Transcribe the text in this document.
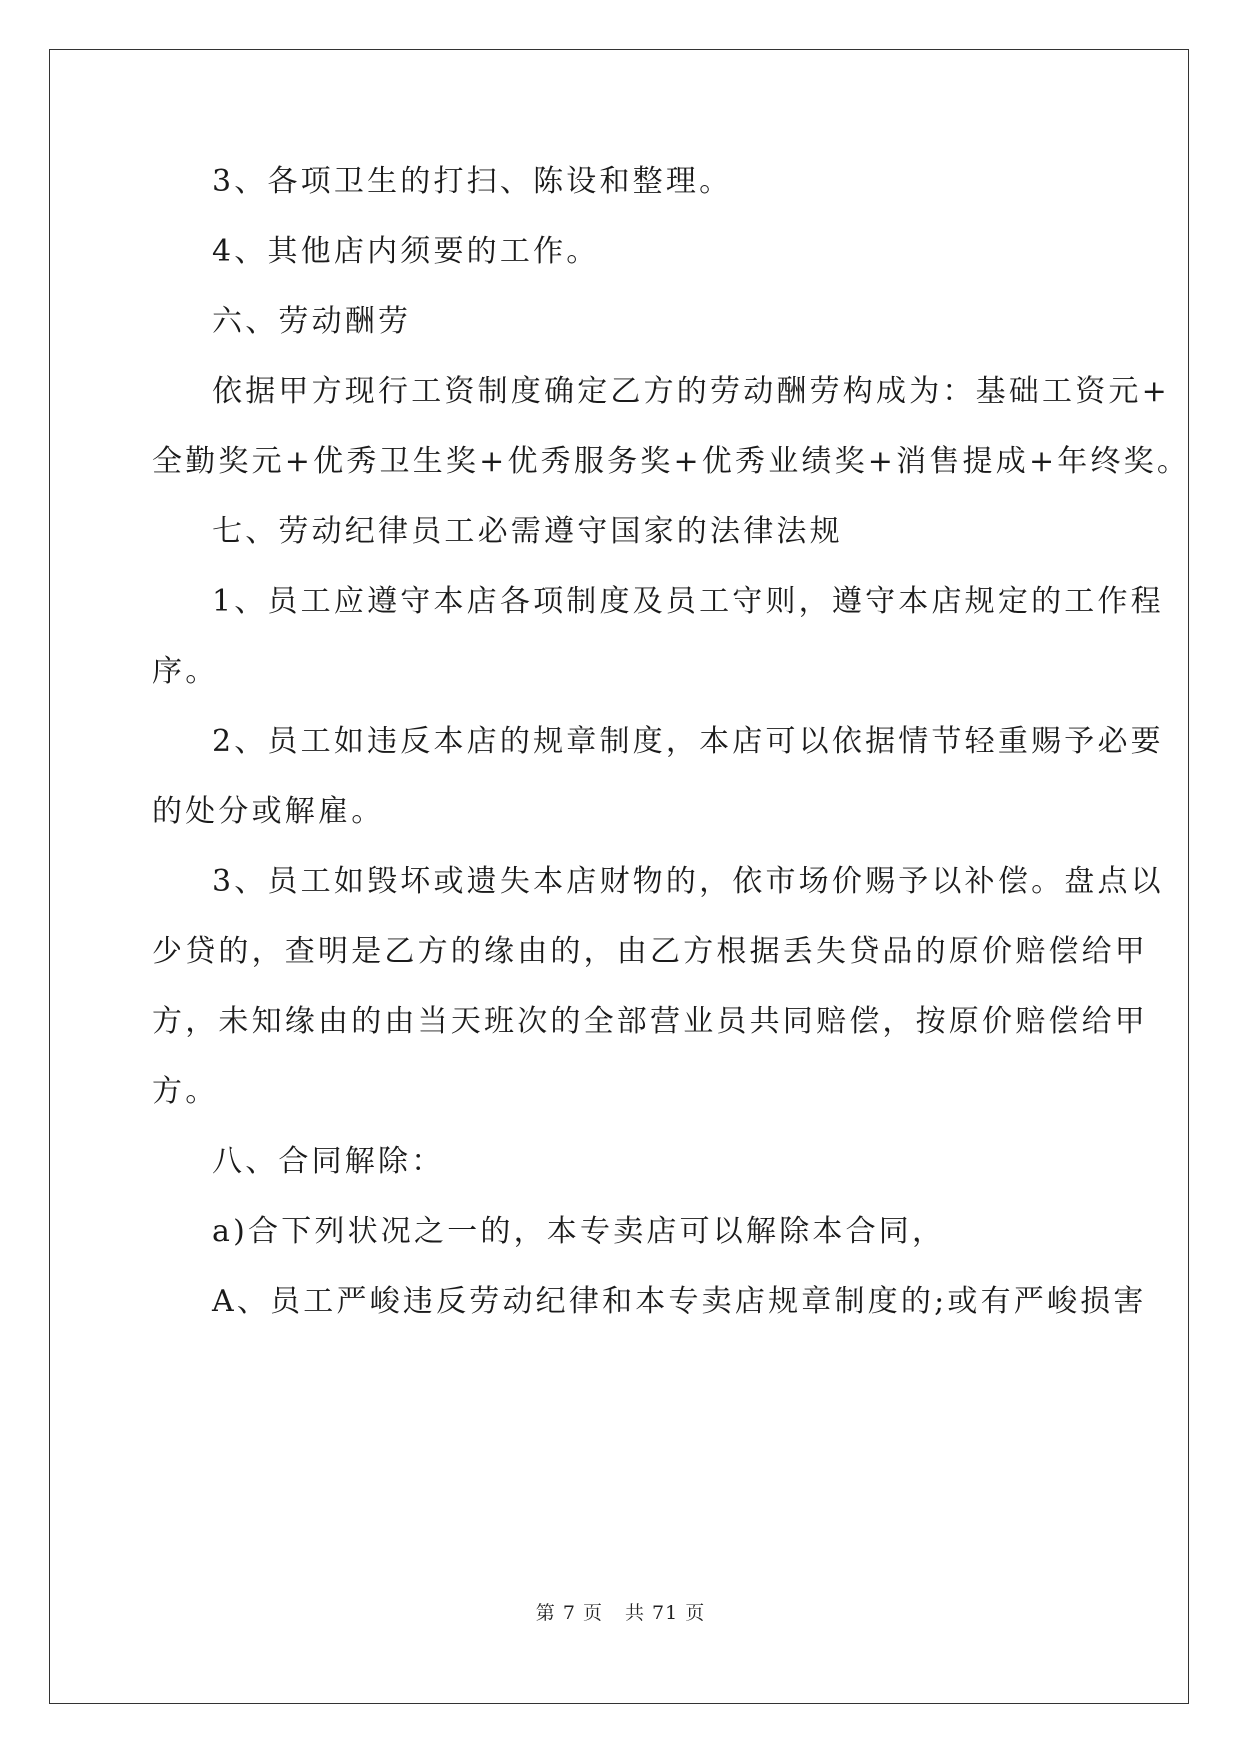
3、各项卫生的打扫、陈设和整理。
4、其他店内须要的工作。
六、劳动酬劳
依据甲方现行工资制度确定乙方的劳动酬劳构成为：基础工资元+
全勤奖元+优秀卫生奖+优秀服务奖+优秀业绩奖+消售提成+年终奖。
七、劳动纪律员工必需遵守国家的法律法规
1、员工应遵守本店各项制度及员工守则，遵守本店规定的工作程
序。
2、员工如违反本店的规章制度，本店可以依据情节轻重赐予必要
的处分或解雇。
3、员工如毁坏或遗失本店财物的，依市场价赐予以补偿。盘点以
少贷的，查明是乙方的缘由的，由乙方根据丢失贷品的原价赔偿给甲
方，未知缘由的由当天班次的全部营业员共同赔偿，按原价赔偿给甲
方。
八、合同解除：
a)合下列状况之一的，本专卖店可以解除本合同，
A、员工严峻违反劳动纪律和本专卖店规章制度的;或有严峻损害
第 7 页 共 71 页
